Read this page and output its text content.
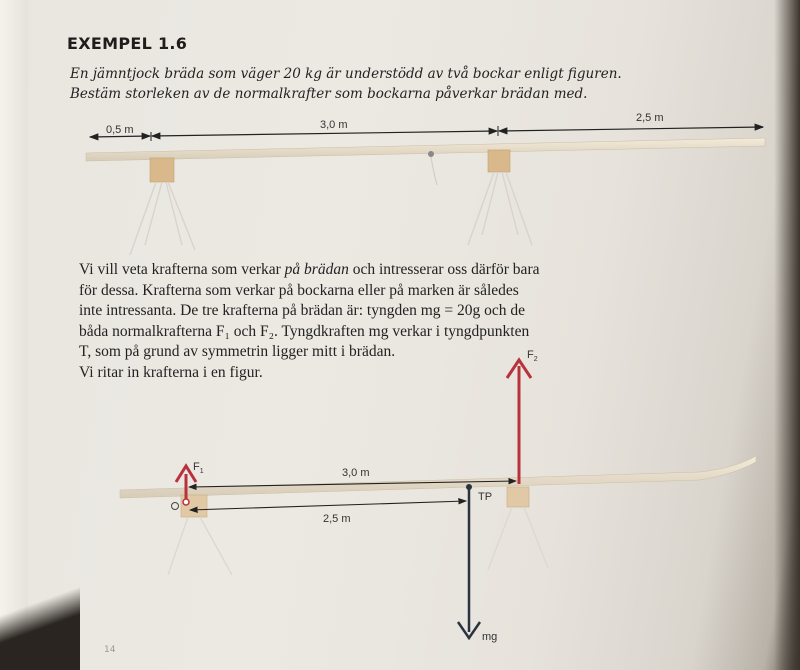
EXEMPEL 1.6
En jämntjock bräda som väger 20 kg är understödd av två bockar enligt figuren.
Bestäm storleken av de normalkrafter som bockarna påverkar brädan med.
0,5 m	3,0 m
2,5 m
$F_1$
$F_2$
mg
TP
3,0 m
2,5 m
Vi vill veta krafterna som verkar på brädan och intresserar oss därför bara
för dessa. Krafterna som verkar på bockarna eller på marken är således
inte intressanta. De tre krafterna på brädan är: tyngden mg = 20g och de
båda normalkrafterna F₁ och F₂. Tyngdkraften mg verkar i tyngdpunkten
T, som på grund av symmetrin ligger mitt i brädan.
Vi ritar in krafterna i en figur.
14
